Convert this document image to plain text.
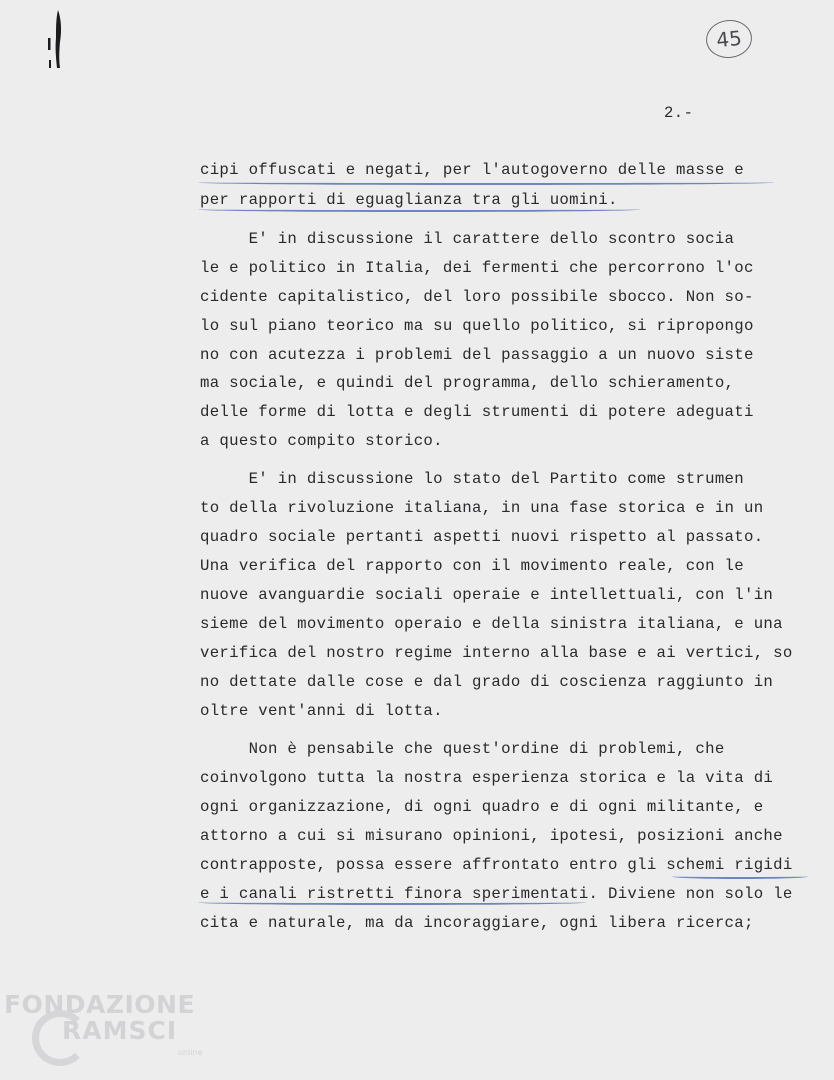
45
2.-
cipi offuscati e negati, per l'autogoverno delle masse e
per rapporti di eguaglianza tra gli uomini.
E' in discussione il carattere dello scontro socia
le e politico in Italia, dei fermenti che percorrono l'oc
cidente capitalistico, del loro possibile sbocco. Non so-
lo sul piano teorico ma su quello politico, si ripropongo
no con acutezza i problemi del passaggio a un nuovo siste
ma sociale, e quindi del programma, dello schieramento,
delle forme di lotta e degli strumenti di potere adeguati
a questo compito storico.
E' in discussione lo stato del Partito come strumen
to della rivoluzione italiana, in una fase storica e in un
quadro sociale pertanti aspetti nuovi rispetto al passato.
Una verifica del rapporto con il movimento reale, con le
nuove avanguardie sociali operaie e intellettuali, con l'in
sieme del movimento operaio e della sinistra italiana, e una
verifica del nostro regime interno alla base e ai vertici, so
no dettate dalle cose e dal grado di coscienza raggiunto in
oltre vent'anni di lotta.
Non è pensabile che quest'ordine di problemi, che
coinvolgono tutta la nostra esperienza storica e la vita di
ogni organizzazione, di ogni quadro e di ogni militante, e
attorno a cui si misurano opinioni, ipotesi, posizioni anche
contrapposte, possa essere affrontato entro gli schemi rigidi
e i canali ristretti finora sperimentati. Diviene non solo le
cita e naturale, ma da incoraggiare, ogni libera ricerca;
FONDAZIONE
RAMSCI
online
